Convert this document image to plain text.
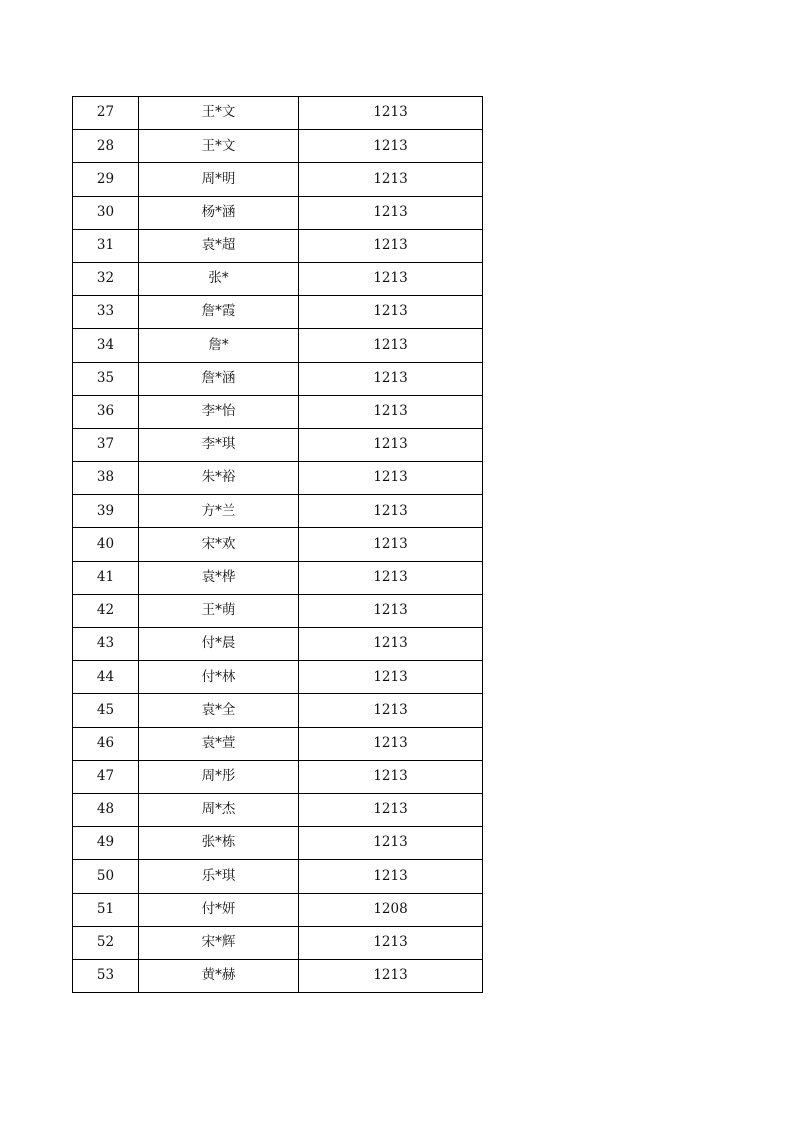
27	王*文	1213
28	王*文	1213
29	周*明	1213
30	杨*涵	1213
31	袁*超	1213
32	张*	1213
33	詹*霞	1213
34	詹*	1213
35	詹*涵	1213
36	李*怡	1213
37	李*琪	1213
38	朱*裕	1213
39	方*兰	1213
40	宋*欢	1213
41	袁*桦	1213
42	王*萌	1213
43	付*晨	1213
44	付*林	1213
45	袁*全	1213
46	袁*萱	1213
47	周*彤	1213
48	周*杰	1213
49	张*栋	1213
50	乐*琪	1213
51	付*妍	1208
52	宋*辉	1213
53	黄*赫	1213
